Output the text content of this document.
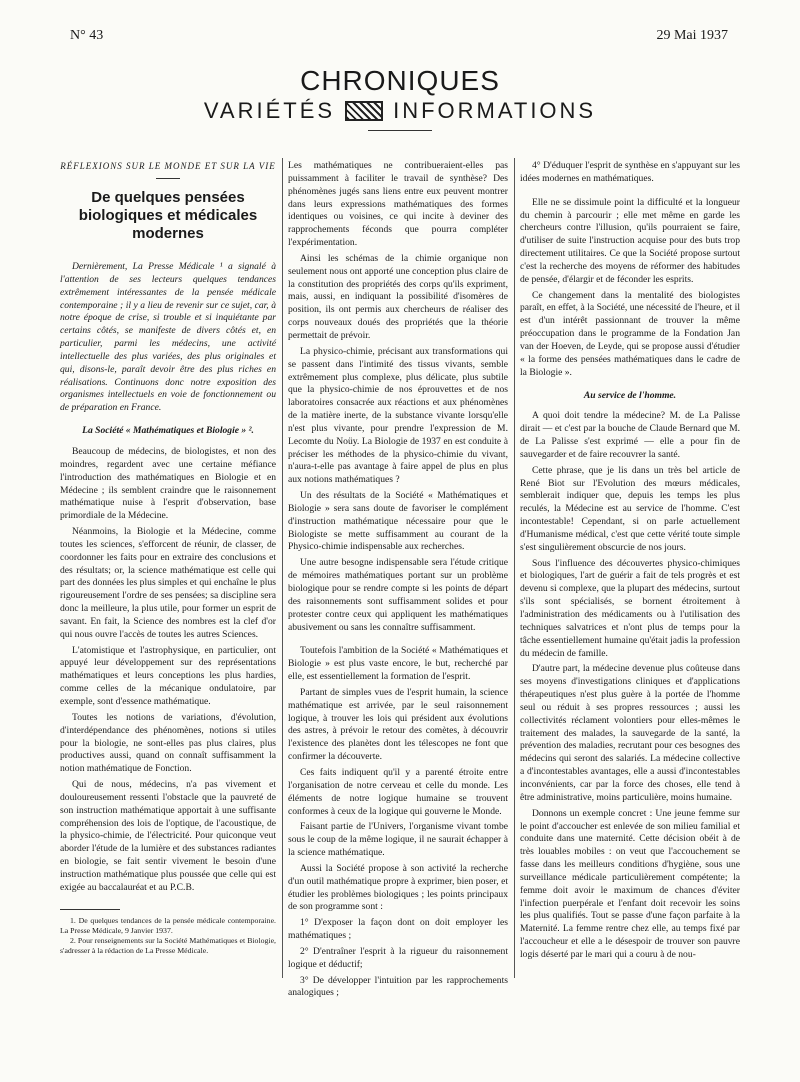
N° 43	29 Mai 1937
CHRONIQUES
VARIÉTÉS	INFORMATIONS
RÉFLEXIONS SUR LE MONDE ET SUR LA VIE
De quelques pensées biologiques et médicales modernes

Dernièrement, La Presse Médicale ¹ a signalé à l'attention de ses lecteurs quelques tendances extrêmement intéressantes de la pensée médicale contemporaine ; il y a lieu de revenir sur ce sujet, car, à notre époque de crise, si trouble et si inquiétante par certains côtés, se manifeste de divers côtés et, en particulier, parmi les médecins, une activité intellectuelle des plus variées, des plus originales et qui, disons-le, paraît devoir être des plus riches en réalisations. Continuons donc notre exposition des organismes intellectuels en voie de fonctionnement ou de préparation en France.

La Société « Mathématiques et Biologie » ².

Beaucoup de médecins, de biologistes, et non des moindres, regardent avec une certaine méfiance l'introduction des mathématiques en Biologie et en Médecine ; ils semblent craindre que le raisonnement mathématique nuise à l'esprit d'observation, base primordiale de la Médecine.

Néanmoins, la Biologie et la Médecine, comme toutes les sciences, s'efforcent de réunir, de classer, de coordonner les faits pour en extraire des conclusions et des résultats; or, la science mathématique est celle qui part des données les plus simples et qui enchaîne le plus rigoureusement l'ordre de ses pensées; sa discipline sera donc la meilleure, la plus utile, pour former un esprit de savant. En fait, la Science des nombres est la clef d'or qui nous ouvre l'accès de toutes les autres Sciences.

L'atomistique et l'astrophysique, en particulier, ont appuyé leur développement sur des représentations mathématiques et leurs conceptions les plus hardies, comme celles de la mécanique ondulatoire, par exemple, sont d'essence mathématique.

Toutes les notions de variations, d'évolution, d'interdépendance des phénomènes, notions si utiles pour la biologie, ne sont-elles pas plus claires, plus productives aussi, quand on connaît suffisamment la notion mathématique de Fonction.

Qui de nous, médecins, n'a pas vivement et douloureusement ressenti l'obstacle que la pauvreté de son instruction mathématique apportait à une suffisante compréhension des lois de l'optique, de l'acoustique, de la physico-chimie, de l'électricité. Pour quiconque veut aborder l'étude de la lumière et des substances radiantes en biologie, se fait sentir vivement le besoin d'une instruction mathématique plus poussée que celle qui est exigée au baccalauréat et au P.C.B.

1. De quelques tendances de la pensée médicale contemporaine. La Presse Médicale, 9 Janvier 1937.

2. Pour renseignements sur la Société Mathématiques et Biologie, s'adresser à la rédaction de La Presse Médicale.

Les mathématiques ne contribueraient-elles pas puissamment à faciliter le travail de synthèse? Des phénomènes jugés sans liens entre eux peuvent montrer dans leurs expressions mathématiques des formes identiques ou voisines, ce qui incite à deviner des rapprochements féconds que pourra compléter l'expérimentation.

Ainsi les schémas de la chimie organique non seulement nous ont apporté une conception plus claire de la constitution des propriétés des corps qu'ils expriment, mais, aussi, en indiquant la possibilité d'isomères de position, ils ont permis aux chercheurs de réaliser des corps nouveaux doués des propriétés que la théorie permettait de prévoir.

La physico-chimie, précisant aux transformations qui se passent dans l'intimité des tissus vivants, semble extrêmement plus complexe, plus délicate, plus subtile que la physico-chimie de nos éprouvettes et de nos laboratoires consacrée aux réactions et aux phénomènes de la matière inerte, de la substance vivante lorsqu'elle n'est plus vivante, pour prendre l'expression de M. Lecomte du Noüy. La Biologie de 1937 en est conduite à préciser les méthodes de la physico-chimie du vivant, n'aura-t-elle pas avantage à faire appel de plus en plus aux notions mathématiques ?

Un des résultats de la Société « Mathématiques et Biologie » sera sans doute de favoriser le complément d'instruction mathématique nécessaire pour que le Biologiste se mette suffisamment au courant de la Physico-chimie indispensable aux recherches.

Une autre besogne indispensable sera l'étude critique de mémoires mathématiques portant sur un problème biologique pour se rendre compte si les points de départ des raisonnements sont suffisamment solides et pour protester contre ceux qui appliquent les mathématiques abusivement ou sans les connaître suffisamment.

Toutefois l'ambition de la Société « Mathématiques et Biologie » est plus vaste encore, le but, recherché par elle, est essentiellement la formation de l'esprit.

Partant de simples vues de l'esprit humain, la science mathématique est arrivée, par le seul raisonnement logique, à trouver les lois qui président aux évolutions des astres, à prévoir le retour des comètes, à découvrir l'existence des planètes dont les télescopes ne font que confirmer la découverte.

Ces faits indiquent qu'il y a parenté étroite entre l'organisation de notre cerveau et celle du monde. Les éléments de notre logique humaine se trouvent conformes à ceux de la logique qui gouverne le Monde.

Faisant partie de l'Univers, l'organisme vivant tombe sous le coup de la même logique, il ne saurait échapper à la science mathématique.

Aussi la Société propose à son activité la recherche d'un outil mathématique propre à exprimer, bien poser, et étudier les problèmes biologiques ; les points principaux de son programme sont :

1° D'exposer la façon dont on doit employer les mathématiques ;

2° D'entraîner l'esprit à la rigueur du raisonnement logique et déductif;

3° De développer l'intuition par les rapprochements analogiques ;

4° D'éduquer l'esprit de synthèse en s'appuyant sur les idées modernes en mathématiques.

Elle ne se dissimule point la difficulté et la longueur du chemin à parcourir ; elle met même en garde les chercheurs contre l'illusion, qu'ils pourraient se faire, d'utiliser de suite l'instruction acquise pour des buts trop directement utilitaires. Ce que la Société propose surtout c'est la recherche des moyens de réformer des habitudes de pensée, d'élargir et de féconder les esprits.

Ce changement dans la mentalité des biologistes paraît, en effet, à la Société, une nécessité de l'heure, et il est d'un intérêt passionnant de trouver la même préoccupation dans le programme de la Fondation Jan van der Hoeven, de Leyde, qui se propose aussi d'étudier « la forme des pensées mathématiques dans le cadre de la Biologie ».

Au service de l'homme.

A quoi doit tendre la médecine? M. de La Palisse dirait — et c'est par la bouche de Claude Bernard que M. de La Palisse s'est exprimé — elle a pour fin de sauvegarder et de faire recouvrer la santé.

Cette phrase, que je lis dans un très bel article de René Biot sur l'Evolution des mœurs médicales, semblerait indiquer que, depuis les temps les plus reculés, la Médecine est au service de l'homme. C'est incontestable! Cependant, si on parle actuellement d'Humanisme médical, c'est que cette vérité toute simple s'est singulièrement obscurcie de nos jours.

Sous l'influence des découvertes physico-chimiques et biologiques, l'art de guérir a fait de tels progrès et est devenu si complexe, que la plupart des médecins, surtout s'ils sont spécialisés, se bornent étroitement à l'administration des médicaments ou à l'utilisation des techniques salvatrices et n'ont plus de temps pour la tâche essentiellement humaine qu'était jadis la profession du médecin de famille.

D'autre part, la médecine devenue plus coûteuse dans ses moyens d'investigations cliniques et d'applications thérapeutiques n'est plus guère à la portée de l'homme seul ou réduit à ses propres ressources ; aussi les collectivités réclament volontiers pour elles-mêmes le traitement des malades, la sauvegarde de la santé, la prévention des maladies, recrutant pour ces besognes des médecins qui seront des salariés. La médecine collective a d'incontestables avantages, elle a aussi d'incontestables inconvénients, car par la force des choses, elle tend à être administrative, moins particulière, moins humaine.

Donnons un exemple concret : Une jeune femme sur le point d'accoucher est enlevée de son milieu familial et conduite dans une maternité. Cette décision obéit à de très louables mobiles : on veut que l'accouchement se fasse dans les meilleurs conditions d'hygiène, sous une surveillance médicale particulièrement compétente; la femme doit avoir le maximum de chances d'éviter l'infection puerpérale et l'enfant doit recevoir les soins les plus qualifiés. Tout se passe d'une façon parfaite à la Maternité. La femme rentre chez elle, au temps fixé par l'accoucheur et elle a le désespoir de trouver son pauvre logis déserté par le mari qui a couru à de nou-
